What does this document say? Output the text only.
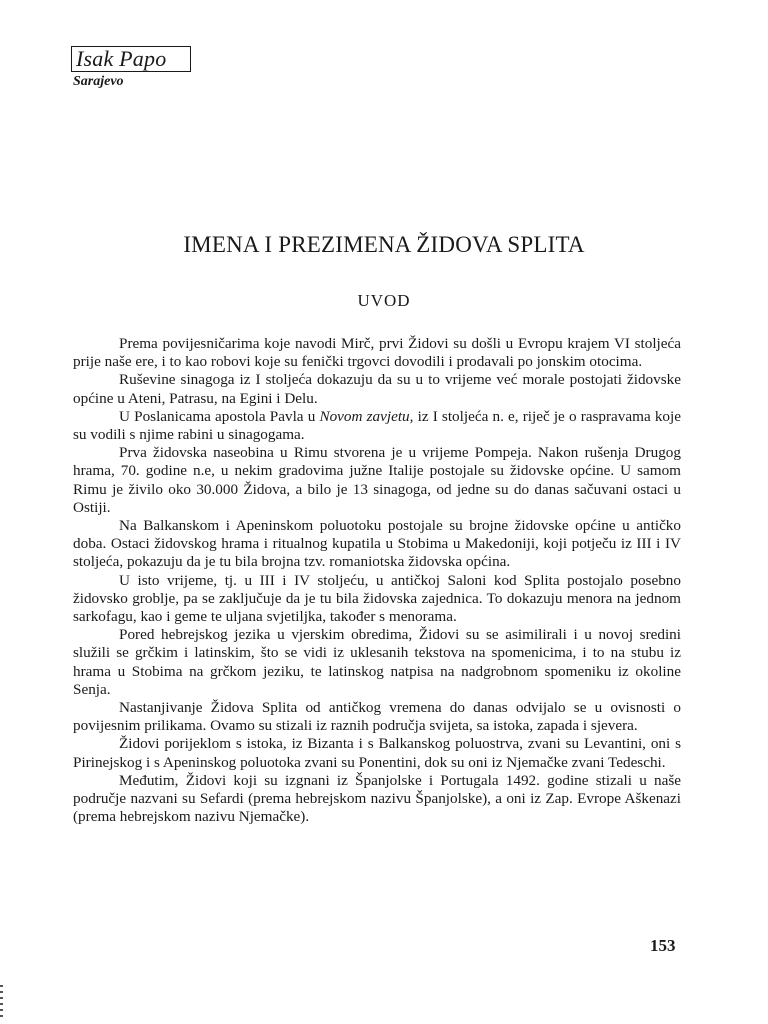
Isak Papo
Sarajevo
IMENA I PREZIMENA ŽIDOVA SPLITA
UVOD

Prema povijesničarima koje navodi Mirč, prvi Židovi su došli u Evropu krajem VI stoljeća prije naše ere, i to kao robovi koje su fenički trgovci dovodili i prodavali po jonskim otocima.

Ruševine sinagoga iz I stoljeća dokazuju da su u to vrijeme već morale postojati židovske općine u Ateni, Patrasu, na Egini i Delu.

U Poslanicama apostola Pavla u Novom zavjetu, iz I stoljeća n. e, riječ je o raspravama koje su vodili s njime rabini u sinagogama.

Prva židovska naseobina u Rimu stvorena je u vrijeme Pompeja. Nakon rušenja Drugog hrama, 70. godine n.e, u nekim gradovima južne Italije postojale su židovske općine. U samom Rimu je živilo oko 30.000 Židova, a bilo je 13 sinagoga, od jedne su do danas sačuvani ostaci u Ostiji.

Na Balkanskom i Apeninskom poluotoku postojale su brojne židovske općine u antičko doba. Ostaci židovskog hrama i ritualnog kupatila u Stobima u Makedoniji, koji potječu iz III i IV stoljeća, pokazuju da je tu bila brojna tzv. romaniotska židovska općina.

U isto vrijeme, tj. u III i IV stoljeću, u antičkoj Saloni kod Splita postojalo posebno židovsko groblje, pa se zaključuje da je tu bila židovska zajednica. To dokazuju menora na jednom sarkofagu, kao i geme te uljana svjetiljka, također s menorama.

Pored hebrejskog jezika u vjerskim obredima, Židovi su se asimilirali i u novoj sredini služili se grčkim i latinskim, što se vidi iz uklesanih tekstova na spomenicima, i to na stubu iz hrama u Stobima na grčkom jeziku, te latinskog natpisa na nadgrobnom spomeniku iz okoline Senja.

Nastanjivanje Židova Splita od antičkog vremena do danas odvijalo se u ovisnosti o povijesnim prilikama. Ovamo su stizali iz raznih područja svijeta, sa istoka, zapada i sjevera.

Židovi porijeklom s istoka, iz Bizanta i s Balkanskog poluostrva, zvani su Levantini, oni s Pirinejskog i s Apeninskog poluotoka zvani su Ponentini, dok su oni iz Njemačke zvani Tedeschi.

Međutim, Židovi koji su izgnani iz Španjolske i Portugala 1492. godine stizali u naše područje nazvani su Sefardi (prema hebrejskom nazivu Španjolske), a oni iz Zap. Evrope Aškenazi (prema hebrejskom nazivu Njemačke).

153
